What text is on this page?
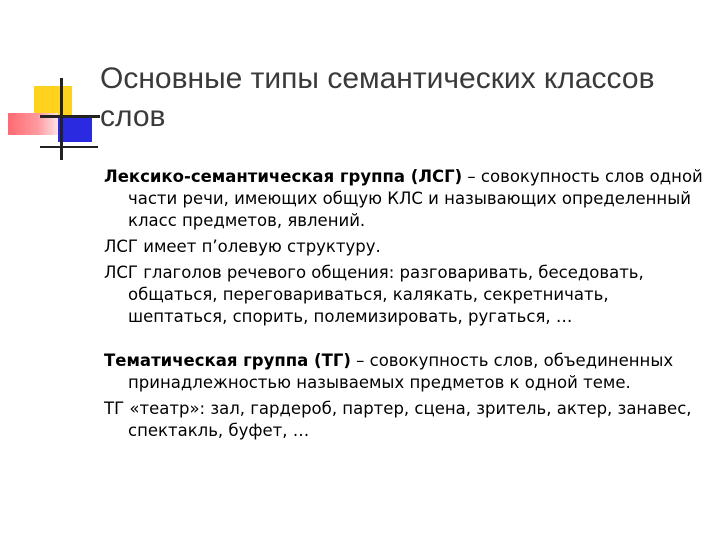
Основные типы семантических классов слов

Лексико-семантическая группа (ЛСГ) – совокупность слов одной части речи, имеющих общую КЛС и называющих определенный класс предметов, явлений.

ЛСГ имеет п’олевую структуру.

ЛСГ глаголов речевого общения: разговаривать, беседовать, общаться, переговариваться, калякать, секретничать, шептаться, спорить, полемизировать, ругаться, …

Тематическая группа (ТГ) – совокупность слов, объединенных принадлежностью называемых предметов к одной теме.

ТГ «театр»: зал, гардероб, партер, сцена, зритель, актер, занавес, спектакль, буфет, …
